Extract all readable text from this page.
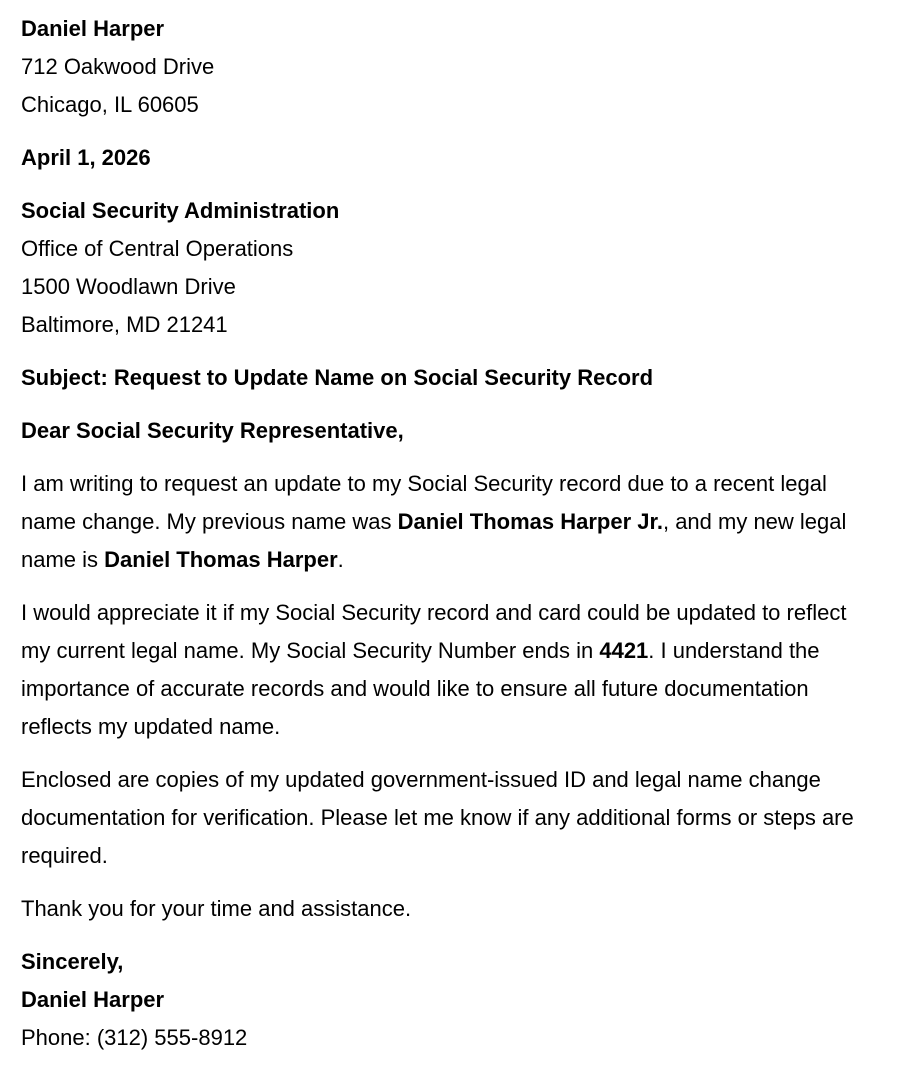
Daniel Harper
712 Oakwood Drive
Chicago, IL 60605
April 1, 2026
Social Security Administration
Office of Central Operations
1500 Woodlawn Drive
Baltimore, MD 21241
Subject: Request to Update Name on Social Security Record
Dear Social Security Representative,
I am writing to request an update to my Social Security record due to a recent legal name change. My previous name was Daniel Thomas Harper Jr., and my new legal name is Daniel Thomas Harper.
I would appreciate it if my Social Security record and card could be updated to reflect my current legal name. My Social Security Number ends in 4421. I understand the importance of accurate records and would like to ensure all future documentation reflects my updated name.
Enclosed are copies of my updated government-issued ID and legal name change documentation for verification. Please let me know if any additional forms or steps are required.
Thank you for your time and assistance.
Sincerely,
Daniel Harper
Phone: (312) 555-8912
